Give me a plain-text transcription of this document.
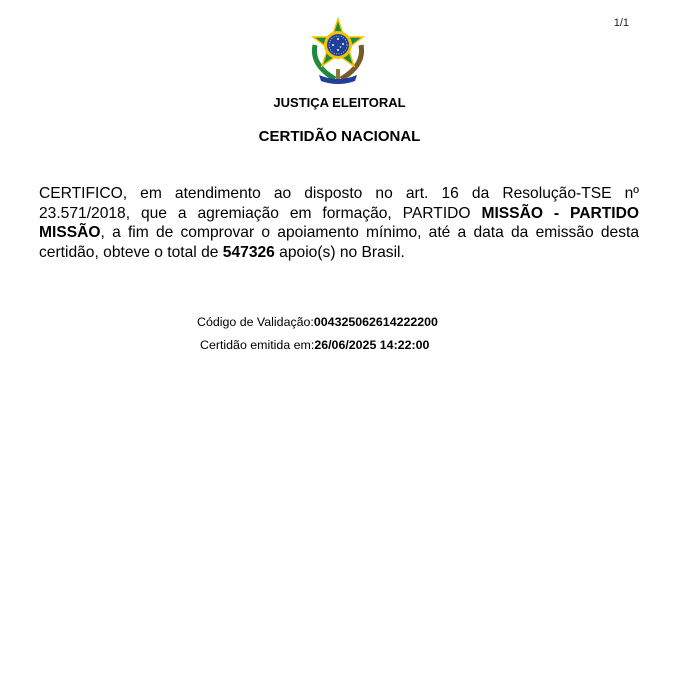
1/1
JUSTIÇA ELEITORAL
CERTIDÃO NACIONAL

CERTIFICO, em atendimento ao disposto no art. 16 da Resolução-TSE nº 23.571/2018, que a agremiação em formação, PARTIDO MISSÃO - PARTIDO MISSÃO, a fim de comprovar o apoiamento mínimo, até a data da emissão desta certidão, obteve o total de 547326 apoio(s) no Brasil.

Código de Validação:004325062614222200
Certidão emitida em:26/06/2025 14:22:00
